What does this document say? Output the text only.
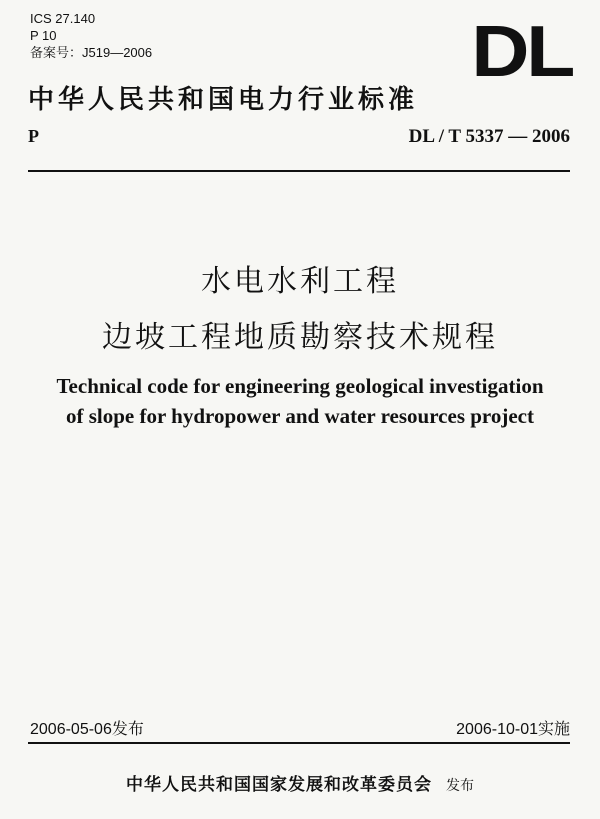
ICS 27.140
P 10
备案号：J519—2006	DL
中华人民共和国电力行业标准
P	DL / T 5337 — 2006
水电水利工程
边坡工程地质勘察技术规程
Technical code for engineering geological investigation
of slope for hydropower and water resources project
2006-05-06发布	2006-10-01实施
中华人民共和国国家发展和改革委员会 发布
